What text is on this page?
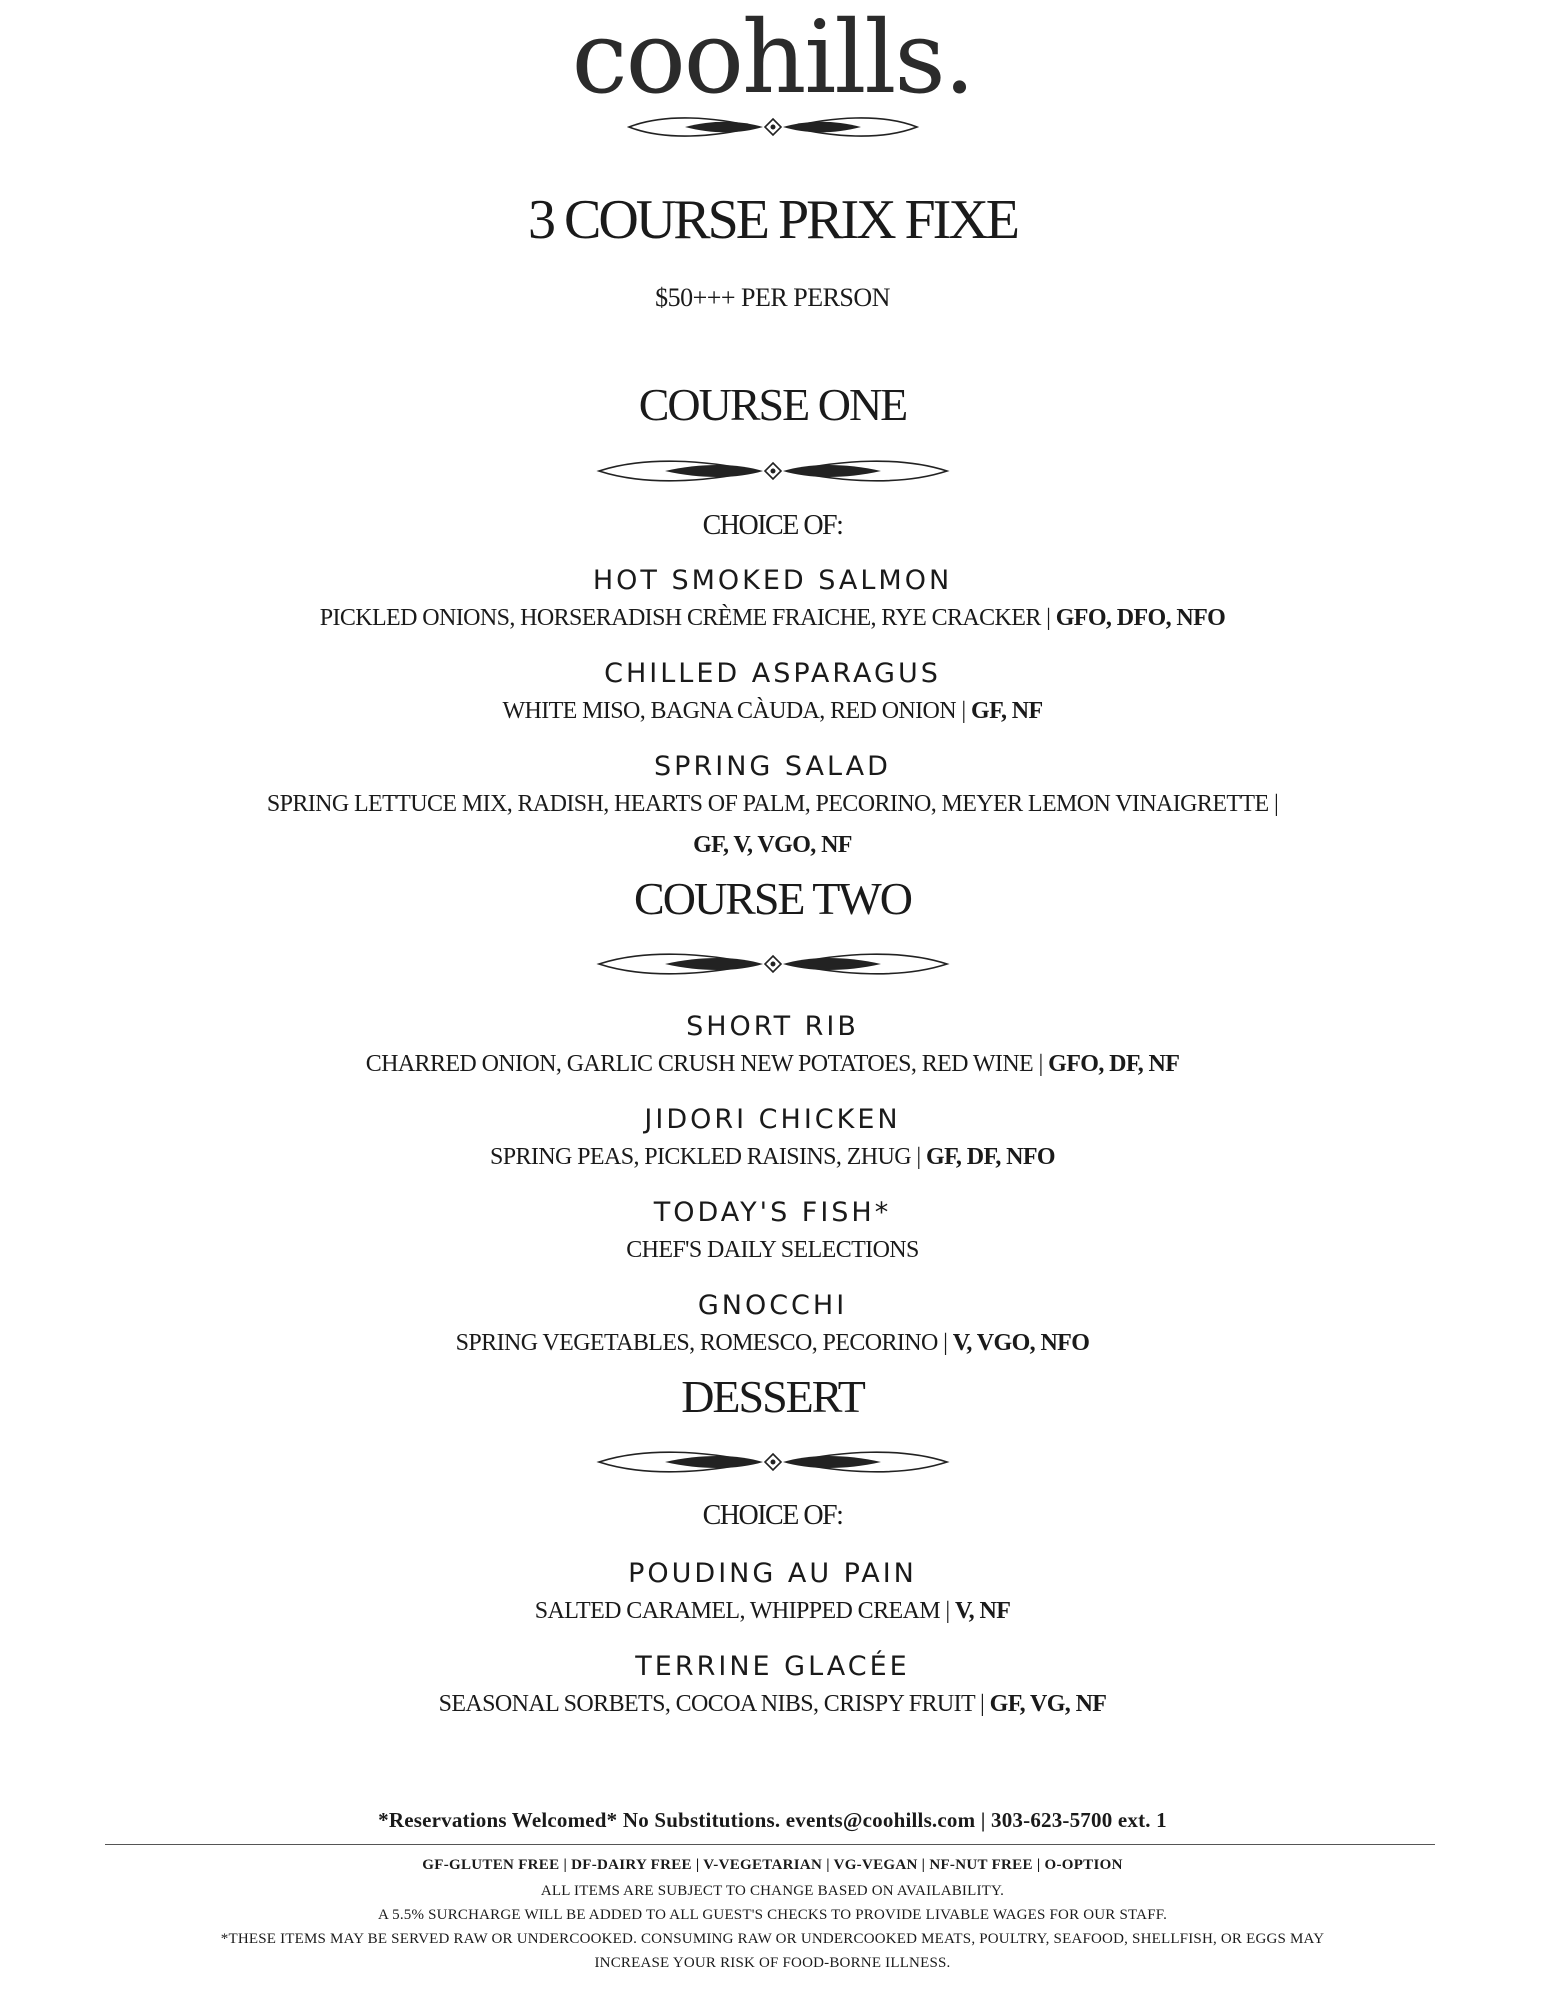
coohills.
3 COURSE PRIX FIXE
$50+++ PER PERSON
COURSE ONE
CHOICE OF:
HOT SMOKED SALMON
PICKLED ONIONS, HORSERADISH CRÈME FRAICHE, RYE CRACKER | GFO, DFO, NFO
CHILLED ASPARAGUS
WHITE MISO, BAGNA CÀUDA, RED ONION | GF, NF
SPRING SALAD
SPRING LETTUCE MIX, RADISH, HEARTS OF PALM, PECORINO, MEYER LEMON VINAIGRETTE |
GF, V, VGO, NF
COURSE TWO
SHORT RIB
CHARRED ONION, GARLIC CRUSH NEW POTATOES, RED WINE | GFO, DF, NF
JIDORI CHICKEN
SPRING PEAS, PICKLED RAISINS, ZHUG | GF, DF, NFO
TODAY'S FISH*
CHEF'S DAILY SELECTIONS
GNOCCHI
SPRING VEGETABLES, ROMESCO, PECORINO | V, VGO, NFO
DESSERT
CHOICE OF:
POUDING AU PAIN
SALTED CARAMEL, WHIPPED CREAM | V, NF
TERRINE GLACÉE
SEASONAL SORBETS, COCOA NIBS, CRISPY FRUIT | GF, VG, NF
*Reservations Welcomed* No Substitutions. events@coohills.com | 303-623-5700 ext. 1
GF-GLUTEN FREE | DF-DAIRY FREE | V-VEGETARIAN | VG-VEGAN | NF-NUT FREE | O-OPTION
ALL ITEMS ARE SUBJECT TO CHANGE BASED ON AVAILABILITY.
A 5.5% SURCHARGE WILL BE ADDED TO ALL GUEST'S CHECKS TO PROVIDE LIVABLE WAGES FOR OUR STAFF.
*THESE ITEMS MAY BE SERVED RAW OR UNDERCOOKED. CONSUMING RAW OR UNDERCOOKED MEATS, POULTRY, SEAFOOD, SHELLFISH, OR EGGS MAY
INCREASE YOUR RISK OF FOOD-BORNE ILLNESS.
